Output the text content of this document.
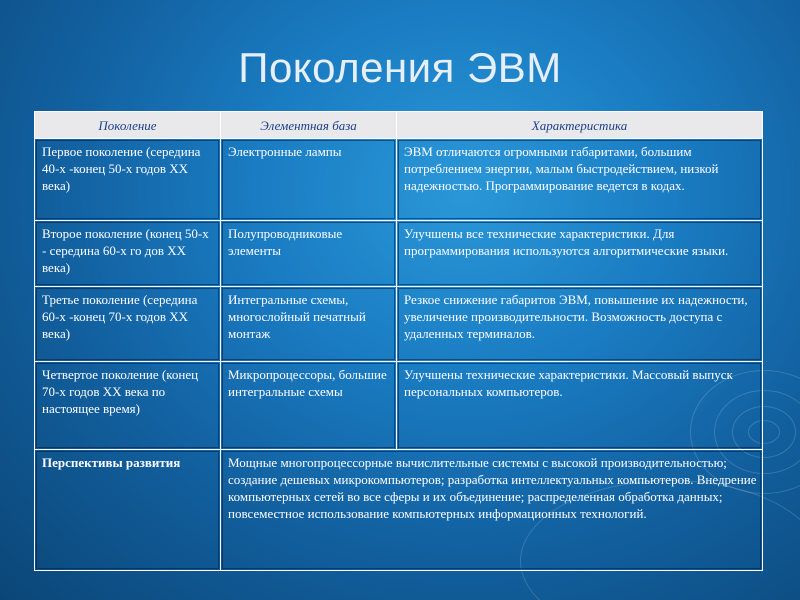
Поколения ЭВМ
Поколение	Элементная база	Характеристика
Первое поколение (середина 40-х -конец 50-х годов XX века)	Электронные лампы	ЭВМ отличаются огромными габаритами, большим потреблением энергии, малым быстродействием, низкой надежностью. Программирование ведется в кодах.
Второе поколение (конец 50-х - середина 60-х го дов XX века)	Полупроводниковые элементы	Улучшены все технические характеристики. Для программирования используются алгоритмические языки.
Третье поколение (середина 60-х -конец 70-х годов XX века)	Интегральные схемы, многослойный печатный монтаж	Резкое снижение габаритов ЭВМ, повышение их надежности, увеличение производительности. Возможность доступа с удаленных терминалов.
Четвертое поколение (конец 70-х годов XX века по настоящее время)	Микропроцессоры, большие интегральные схемы	Улучшены технические характеристики. Массовый выпуск персональных компьютеров.
Перспективы развития	Мощные многопроцессорные вычислительные системы с высокой производительностью; создание дешевых микрокомпьютеров; разработка интеллектуальных компьютеров. Внедрение компьютерных сетей во все сферы и их объединение; распределенная обработка данных; повсеместное использование компьютерных информационных технологий.	
